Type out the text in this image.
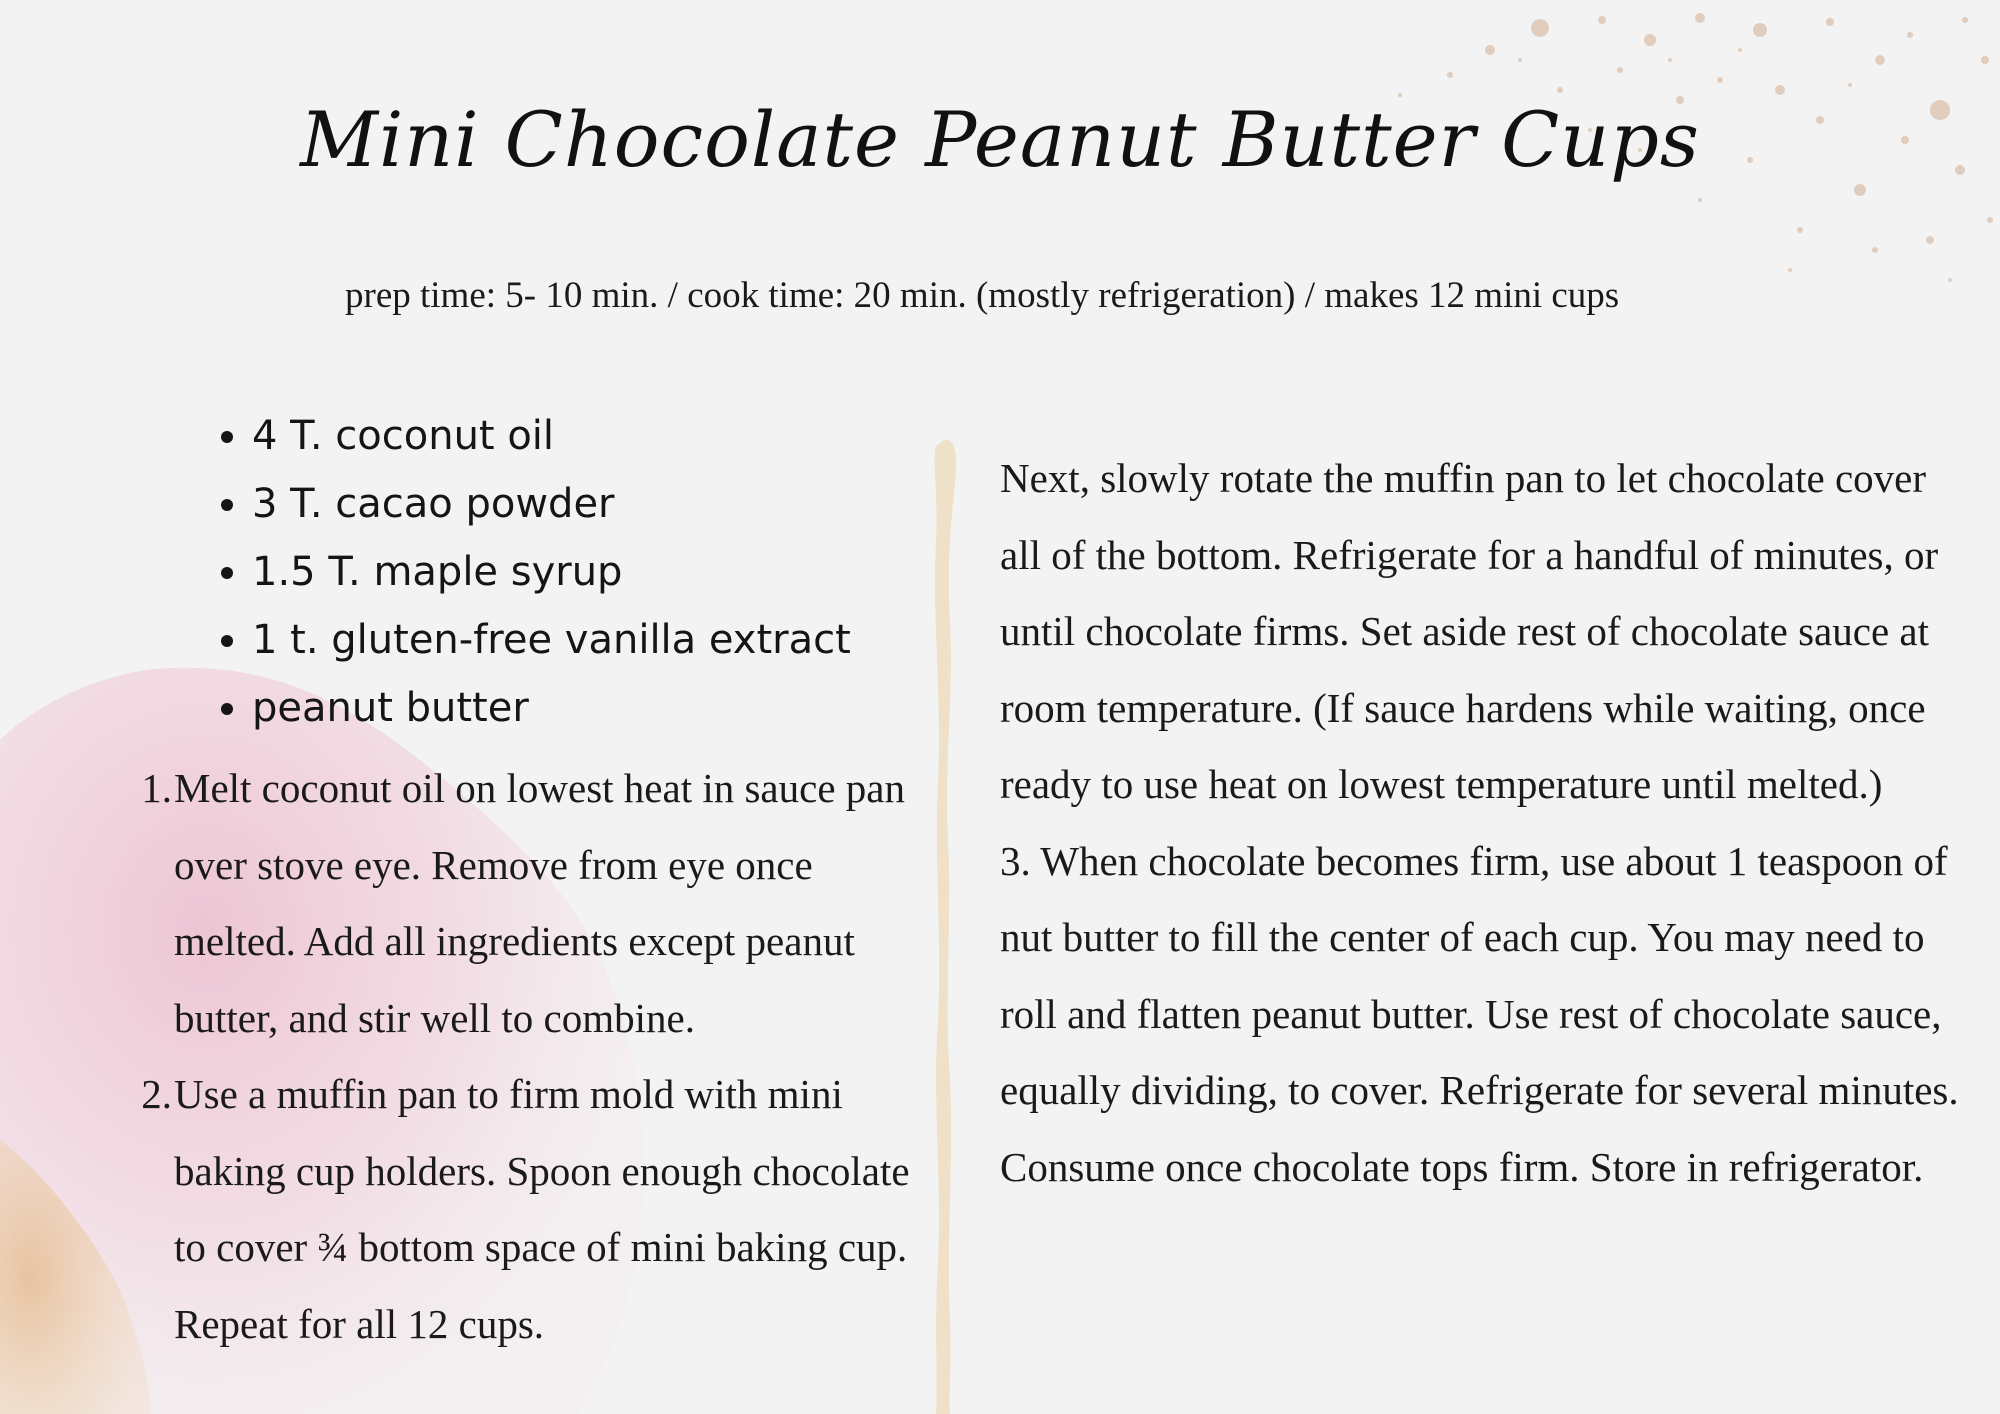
Mini Chocolate Peanut Butter Cups
prep time: 5- 10 min. / cook time: 20 min. (mostly refrigeration) / makes 12 mini cups
• 4 T. coconut oil
• 3 T. cacao powder
• 1.5 T. maple syrup
• 1 t. gluten-free vanilla extract
• peanut butter
1. Melt coconut oil on lowest heat in sauce pan over stove eye. Remove from eye once melted. Add all ingredients except peanut butter, and stir well to combine.
2. Use a muffin pan to firm mold with mini baking cup holders. Spoon enough chocolate to cover ¾ bottom space of mini baking cup. Repeat for all 12 cups.

Next, slowly rotate the muffin pan to let chocolate cover all of the bottom. Refrigerate for a handful of minutes, or until chocolate firms. Set aside rest of chocolate sauce at room temperature. (If sauce hardens while waiting, once ready to use heat on lowest temperature until melted.)

3. When chocolate becomes firm, use about 1 teaspoon of nut butter to fill the center of each cup. You may need to roll and flatten peanut butter. Use rest of chocolate sauce, equally dividing, to cover. Refrigerate for several minutes. Consume once chocolate tops firm. Store in refrigerator.
